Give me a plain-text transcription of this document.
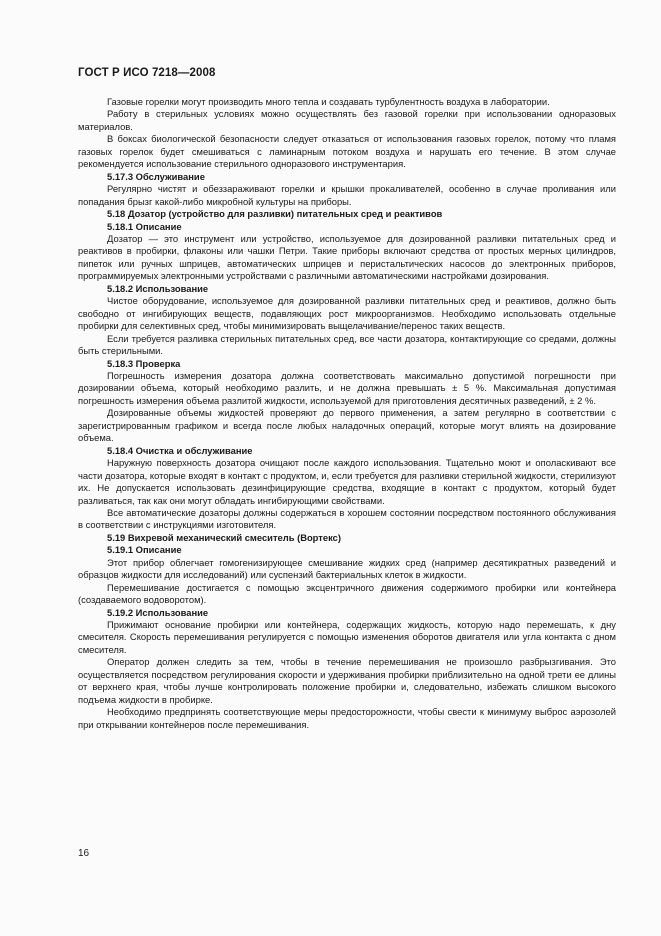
ГОСТ Р ИСО 7218—2008

Газовые горелки могут производить много тепла и создавать турбулентность воздуха в лаборатории.

Работу в стерильных условиях можно осуществлять без газовой горелки при использовании одноразовых материалов.

В боксах биологической безопасности следует отказаться от использования газовых горелок, потому что пламя газовых горелок будет смешиваться с ламинарным потоком воздуха и нарушать его течение. В этом случае рекомендуется использование стерильного одноразового инструментария.

5.17.3 Обслуживание

Регулярно чистят и обеззараживают горелки и крышки прокаливателей, особенно в случае проливания или попадания брызг какой-либо микробной культуры на приборы.

5.18 Дозатор (устройство для разливки) питательных сред и реактивов
5.18.1 Описание

Дозатор — это инструмент или устройство, используемое для дозированной разливки питательных сред и реактивов в пробирки, флаконы или чашки Петри. Такие приборы включают средства от простых мерных цилиндров, пипеток или ручных шприцев, автоматических шприцев и перистальтических насосов до электронных приборов, программируемых электронными устройствами с различными автоматическими настройками дозирования.

5.18.2 Использование

Чистое оборудование, используемое для дозированной разливки питательных сред и реактивов, должно быть свободно от ингибирующих веществ, подавляющих рост микроорганизмов. Необходимо использовать отдельные пробирки для селективных сред, чтобы минимизировать выщелачивание/перенос таких веществ.

Если требуется разливка стерильных питательных сред, все части дозатора, контактирующие со средами, должны быть стерильными.

5.18.3 Проверка

Погрешность измерения дозатора должна соответствовать максимально допустимой погрешности при дозировании объема, который необходимо разлить, и не должна превышать ± 5 %. Максимальная допустимая погрешность измерения объема разлитой жидкости, используемой для приготовления десятичных разведений, ± 2 %.

Дозированные объемы жидкостей проверяют до первого применения, а затем регулярно в соответствии с зарегистрированным графиком и всегда после любых наладочных операций, которые могут влиять на дозирование объема.

5.18.4 Очистка и обслуживание

Наружную поверхность дозатора очищают после каждого использования. Тщательно моют и ополаскивают все части дозатора, которые входят в контакт с продуктом, и, если требуется для разливки стерильной жидкости, стерилизуют их. Не допускается использовать дезинфицирующие средства, входящие в контакт с продуктом, который будет разливаться, так как они могут обладать ингибирующими свойствами.

Все автоматические дозаторы должны содержаться в хорошем состоянии посредством постоянного обслуживания в соответствии с инструкциями изготовителя.

5.19 Вихревой механический смеситель (Вортекс)
5.19.1 Описание

Этот прибор облегчает гомогенизирующее смешивание жидких сред (например десятикратных разведений и образцов жидкости для исследований) или суспензий бактериальных клеток в жидкости.

Перемешивание достигается с помощью эксцентричного движения содержимого пробирки или контейнера (создаваемого водоворотом).

5.19.2 Использование

Прижимают основание пробирки или контейнера, содержащих жидкость, которую надо перемешать, к дну смесителя. Скорость перемешивания регулируется с помощью изменения оборотов двигателя или угла контакта с дном смесителя.

Оператор должен следить за тем, чтобы в течение перемешивания не произошло разбрызгивания. Это осуществляется посредством регулирования скорости и удерживания пробирки приблизительно на одной трети ее длины от верхнего края, чтобы лучше контролировать положение пробирки и, следовательно, избежать слишком высокого подъема жидкости в пробирке.

Необходимо предпринять соответствующие меры предосторожности, чтобы свести к минимуму выброс аэрозолей при открывании контейнеров после перемешивания.

16
